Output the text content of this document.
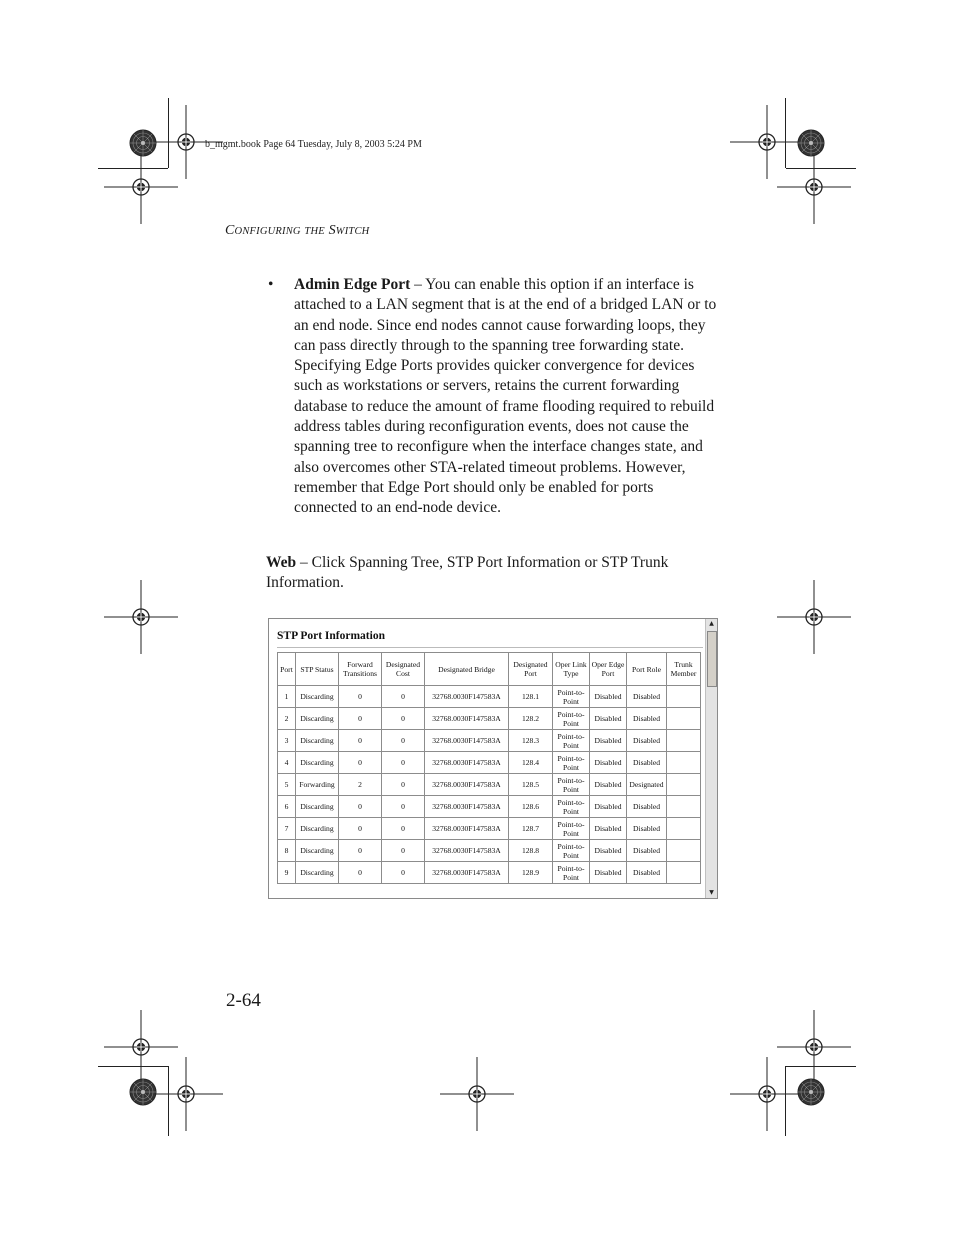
b_mgmt.book Page 64 Tuesday, July 8, 2003 5:24 PM
CONFIGURING THE SWITCH
• Admin Edge Port – You can enable this option if an interface is attached to a LAN segment that is at the end of a bridged LAN or to an end node. Since end nodes cannot cause forwarding loops, they can pass directly through to the spanning tree forwarding state. Specifying Edge Ports provides quicker convergence for devices such as workstations or servers, retains the current forwarding database to reduce the amount of frame flooding required to rebuild address tables during reconfiguration events, does not cause the spanning tree to reconfigure when the interface changes state, and also overcomes other STA-related timeout problems. However, remember that Edge Port should only be enabled for ports connected to an end-node device.
Web – Click Spanning Tree, STP Port Information or STP Trunk Information.
STP Port Information
Port	STP Status	Forward Transitions	Designated Cost	Designated Bridge	Designated Port	Oper Link Type	Oper Edge Port	Port Role	Trunk Member
1	Discarding	0	0	32768.0030F147583A	128.1	Point-to-Point	Disabled	Disabled	
2	Discarding	0	0	32768.0030F147583A	128.2	Point-to-Point	Disabled	Disabled	
3	Discarding	0	0	32768.0030F147583A	128.3	Point-to-Point	Disabled	Disabled	
4	Discarding	0	0	32768.0030F147583A	128.4	Point-to-Point	Disabled	Disabled	
5	Forwarding	2	0	32768.0030F147583A	128.5	Point-to-Point	Disabled	Designated	
6	Discarding	0	0	32768.0030F147583A	128.6	Point-to-Point	Disabled	Disabled	
7	Discarding	0	0	32768.0030F147583A	128.7	Point-to-Point	Disabled	Disabled	
8	Discarding	0	0	32768.0030F147583A	128.8	Point-to-Point	Disabled	Disabled	
9	Discarding	0	0	32768.0030F147583A	128.9	Point-to-Point	Disabled	Disabled	
▲
▼
2-64
